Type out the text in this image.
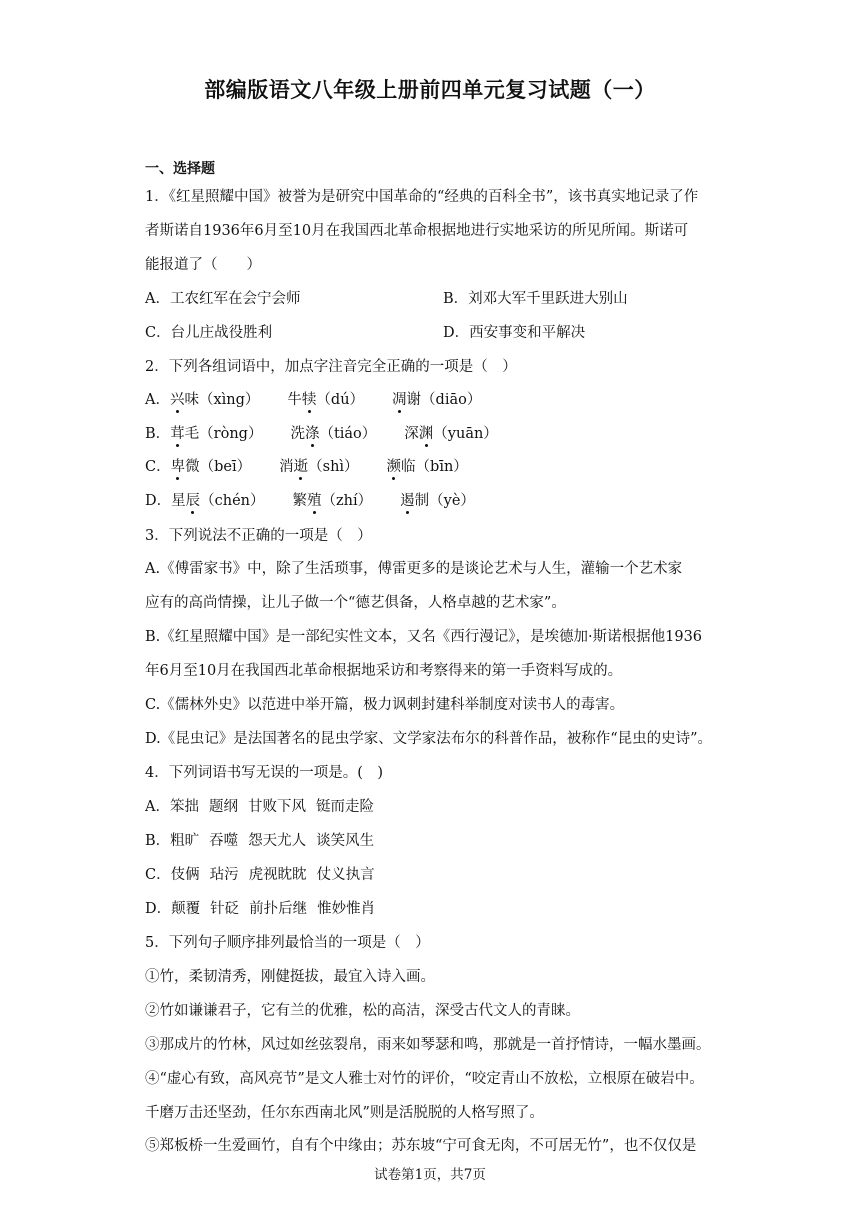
部编版语文八年级上册前四单元复习试题（一）
一、选择题
1．《红星照耀中国》被誉为是研究中国革命的“经典的百科全书”，该书真实地记录了作
者斯诺自1936年6月至10月在我国西北革命根据地进行实地采访的所见所闻。斯诺可
能报道了（　　）
A．工农红军在会宁会师	B．刘邓大军千里跃进大别山
C．台儿庄战役胜利	D．西安事变和平解决
2．下列各组词语中，加点字注音完全正确的一项是（　）
A．兴味（xìng） 牛犊（dú） 凋谢（diāo）
B．茸毛（ròng） 洗涤（tiáo） 深渊（yuān）
C．卑微（beī） 消逝（shì） 濒临（bīn）
D．星辰（chén） 繁殖（zhí） 遏制（yè）
3．下列说法不正确的一项是（　）
A.《傅雷家书》中，除了生活琐事，傅雷更多的是谈论艺术与人生，灌输一个艺术家
应有的高尚情操，让儿子做一个“德艺俱备，人格卓越的艺术家”。
B.《红星照耀中国》是一部纪实性文本，又名《西行漫记》，是埃德加·斯诺根据他1936
年6月至10月在我国西北革命根据地采访和考察得来的第一手资料写成的。
C.《儒林外史》以范进中举开篇，极力讽刺封建科举制度对读书人的毒害。
D.《昆虫记》是法国著名的昆虫学家、文学家法布尔的科普作品，被称作“昆虫的史诗”。
4．下列词语书写无误的一项是。(　)
A．笨拙 题纲 甘败下风 铤而走险
B．粗旷 吞噬 怨天尤人 谈笑风生
C．伎俩 玷污 虎视眈眈 仗义执言
D．颠覆 针砭 前扑后继 惟妙惟肖
5．下列句子顺序排列最恰当的一项是（　）
①竹，柔韧清秀，刚健挺拔，最宜入诗入画。
②竹如谦谦君子，它有兰的优雅，松的高洁，深受古代文人的青睐。
③那成片的竹林，风过如丝弦裂帛，雨来如琴瑟和鸣，那就是一首抒情诗，一幅水墨画。
④“虚心有致，高风亮节”是文人雅士对竹的评价，“咬定青山不放松，立根原在破岩中。
千磨万击还坚劲，任尔东西南北风”则是活脱脱的人格写照了。
⑤郑板桥一生爱画竹，自有个中缘由；苏东坡“宁可食无肉，不可居无竹”，也不仅仅是
试卷第1页，共7页
